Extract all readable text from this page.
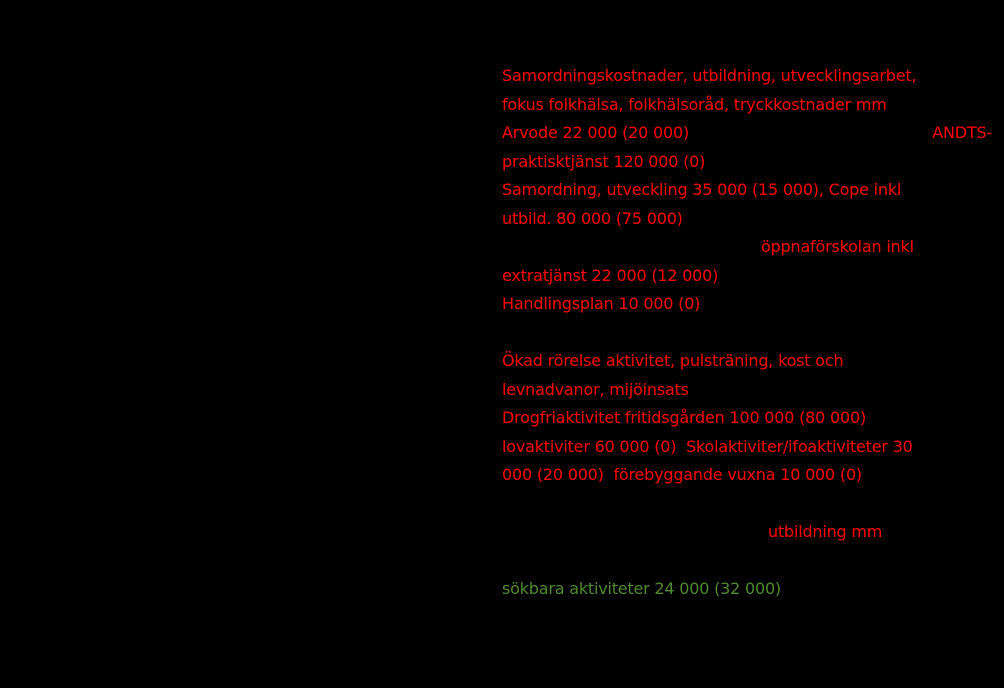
Samordningskostnader, utbildning, utvecklingsarbet,
fokus folkhälsa, folkhälsoråd, tryckkostnader mm
Arvode 22 000 (20 000)	ANDTS-
praktisktjänst 120 000 (0)
Samordning, utveckling 35 000 (15 000), Cope inkl
utbild. 80 000 (75 000)
öppnaförskolan inkl
extratjänst 22 000 (12 000)
Handlingsplan 10 000 (0)
Ökad rörelse aktivitet, pulsträning, kost och
levnadvanor, mijöinsats
Drogfriaktivitet fritidsgården 100 000 (80 000)
lovaktiviter 60 000 (0)  Skolaktiviter/ifoaktiviteter 30
000 (20 000)  förebyggande vuxna 10 000 (0)
utbildning mm
sökbara aktiviteter 24 000 (32 000)
